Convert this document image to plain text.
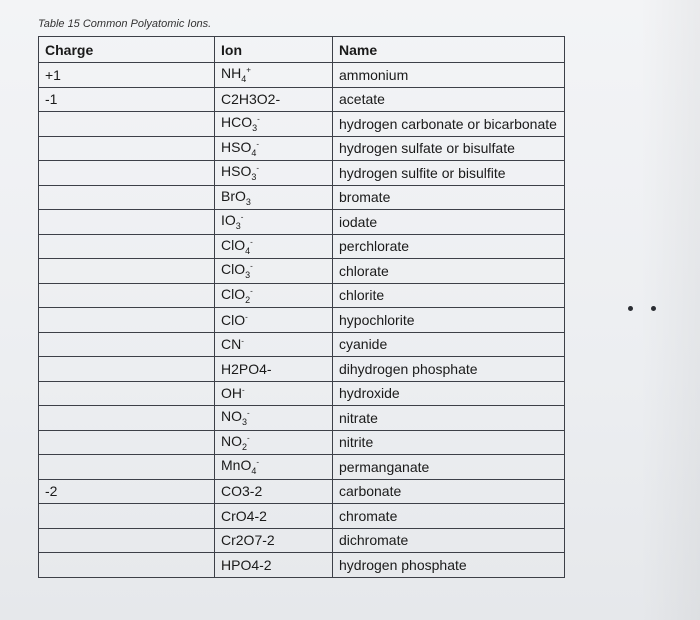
Table 15 Common Polyatomic Ions.
Charge	Ion	Name
+1	$NH_4^+$	ammonium
-1	C2H3O2-	acetate
	$HCO_3^-$	hydrogen carbonate or bicarbonate
	$HSO_4^-$	hydrogen sulfate or bisulfate
	$HSO_3^-$	hydrogen sulfite or bisulfite
	BrO$_3$	bromate
	$IO_3^-$	iodate
	ClO$_4$-	perchlorate
	ClO$_3$-	chlorate
	ClO$_2$-	chlorite
	ClO-	hypochlorite
	CN-	cyanide
	H2PO4-	dihydrogen phosphate
	OH-	hydroxide
	$NO_3^-$	nitrate
	$NO_2^-$	nitrite
	MnO$_4$-	permanganate
-2	CO3-2	carbonate
	CrO4-2	chromate
	Cr2O7-2	dichromate
	HPO4-2	hydrogen phosphate
